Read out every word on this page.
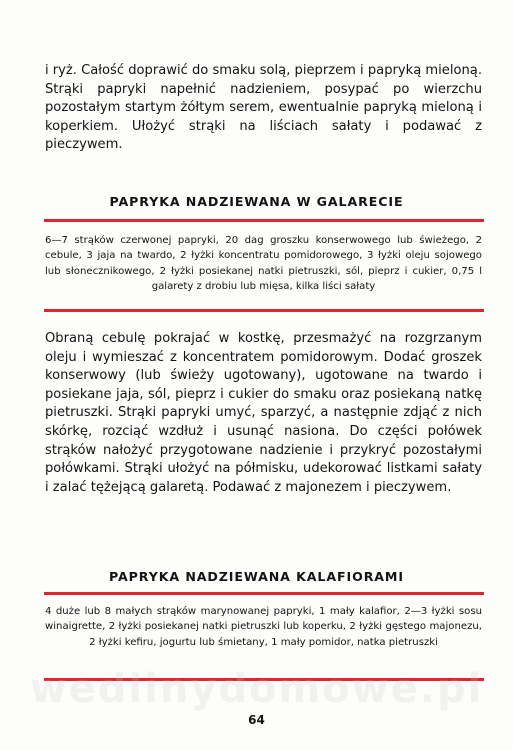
i ryż. Całość doprawić do smaku solą, pieprzem i papryką mieloną. Strąki papryki napełnić nadzieniem, posypać po wierzchu pozostałym startym żółtym serem, ewentualnie papryką mieloną i koperkiem. Ułożyć strąki na liściach sałaty i podawać z pieczywem.

PAPRYKA NADZIEWANA W GALARECIE

6—7 strąków czerwonej papryki, 20 dag groszku konserwowego lub świeżego, 2 cebule, 3 jaja na twardo, 2 łyżki koncentratu pomidorowego, 3 łyżki oleju sojowego lub słonecznikowego, 2 łyżki posiekanej natki pietruszki, sól, pieprz i cukier, 0,75 l galarety z drobiu lub mięsa, kilka liści sałaty

Obraną cebulę pokrajać w kostkę, przesmażyć na rozgrzanym oleju i wymieszać z koncentratem pomidorowym. Dodać groszek konserwowy (lub świeży ugotowany), ugotowane na twardo i posiekane jaja, sól, pieprz i cukier do smaku oraz posiekaną natkę pietruszki. Strąki papryki umyć, sparzyć, a następnie zdjąć z nich skórkę, rozciąć wzdłuż i usunąć nasiona. Do części połówek strąków nałożyć przygotowane nadzienie i przykryć pozostałymi połówkami. Strąki ułożyć na półmisku, udekorować listkami sałaty i zalać tężejącą galaretą. Podawać z majonezem i pieczywem.

PAPRYKA NADZIEWANA KALAFIORAMI

4 duże lub 8 małych strąków marynowanej papryki, 1 mały kalafior, 2—3 łyżki sosu winaigrette, 2 łyżki posiekanej natki pietruszki lub koperku, 2 łyżki gęstego majonezu, 2 łyżki kefiru, jogurtu lub śmietany, 1 mały pomidor, natka pietruszki

wedlinydomowe.pl
64
